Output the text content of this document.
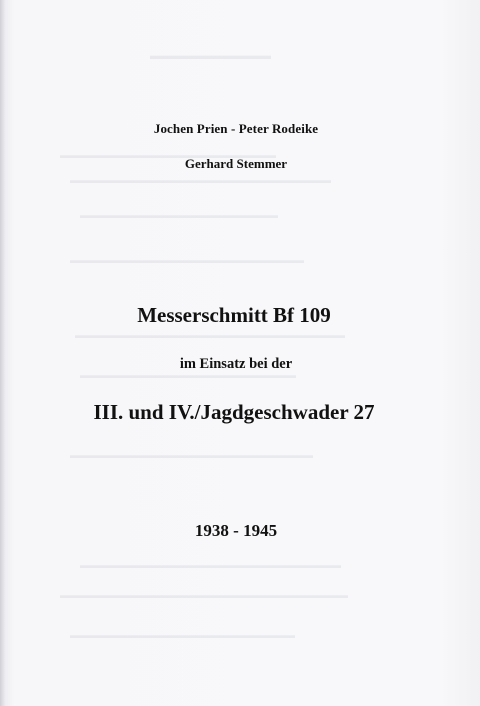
▬▬▬▬▬▬▬▬▬▬▬
▬▬▬▬▬▬▬▬▬▬▬▬▬▬▬▬▬▬▬▬▬▬▬▬
▬▬▬▬▬▬▬▬▬▬▬▬▬▬▬▬▬▬▬▬▬▬▬▬▬▬▬▬▬
▬▬▬▬▬▬▬▬▬▬▬▬▬▬▬▬▬▬▬▬▬▬
▬▬▬▬▬▬▬▬▬▬▬▬▬▬▬▬▬▬▬▬▬▬▬▬▬▬
▬▬▬▬▬▬▬▬▬▬▬▬▬▬▬▬▬▬▬▬▬▬▬▬▬▬▬▬▬▬
▬▬▬▬▬▬▬▬▬▬▬▬▬▬▬▬▬▬▬▬▬▬▬▬
▬▬▬▬▬▬▬▬▬▬▬▬▬▬▬▬▬▬▬▬▬▬▬▬▬▬▬
▬▬▬▬▬▬▬▬▬▬▬▬▬▬▬▬▬▬▬▬▬▬▬▬▬▬▬▬▬
▬▬▬▬▬▬▬▬▬▬▬▬▬▬▬▬▬▬▬▬▬▬▬▬▬▬▬▬▬▬▬▬
▬▬▬▬▬▬▬▬▬▬▬▬▬▬▬▬▬▬▬▬▬▬▬▬▬
Jochen Prien - Peter Rodeike
Gerhard Stemmer
Messerschmitt Bf 109
im Einsatz bei der
III. und IV./Jagdgeschwader 27
1938 - 1945
